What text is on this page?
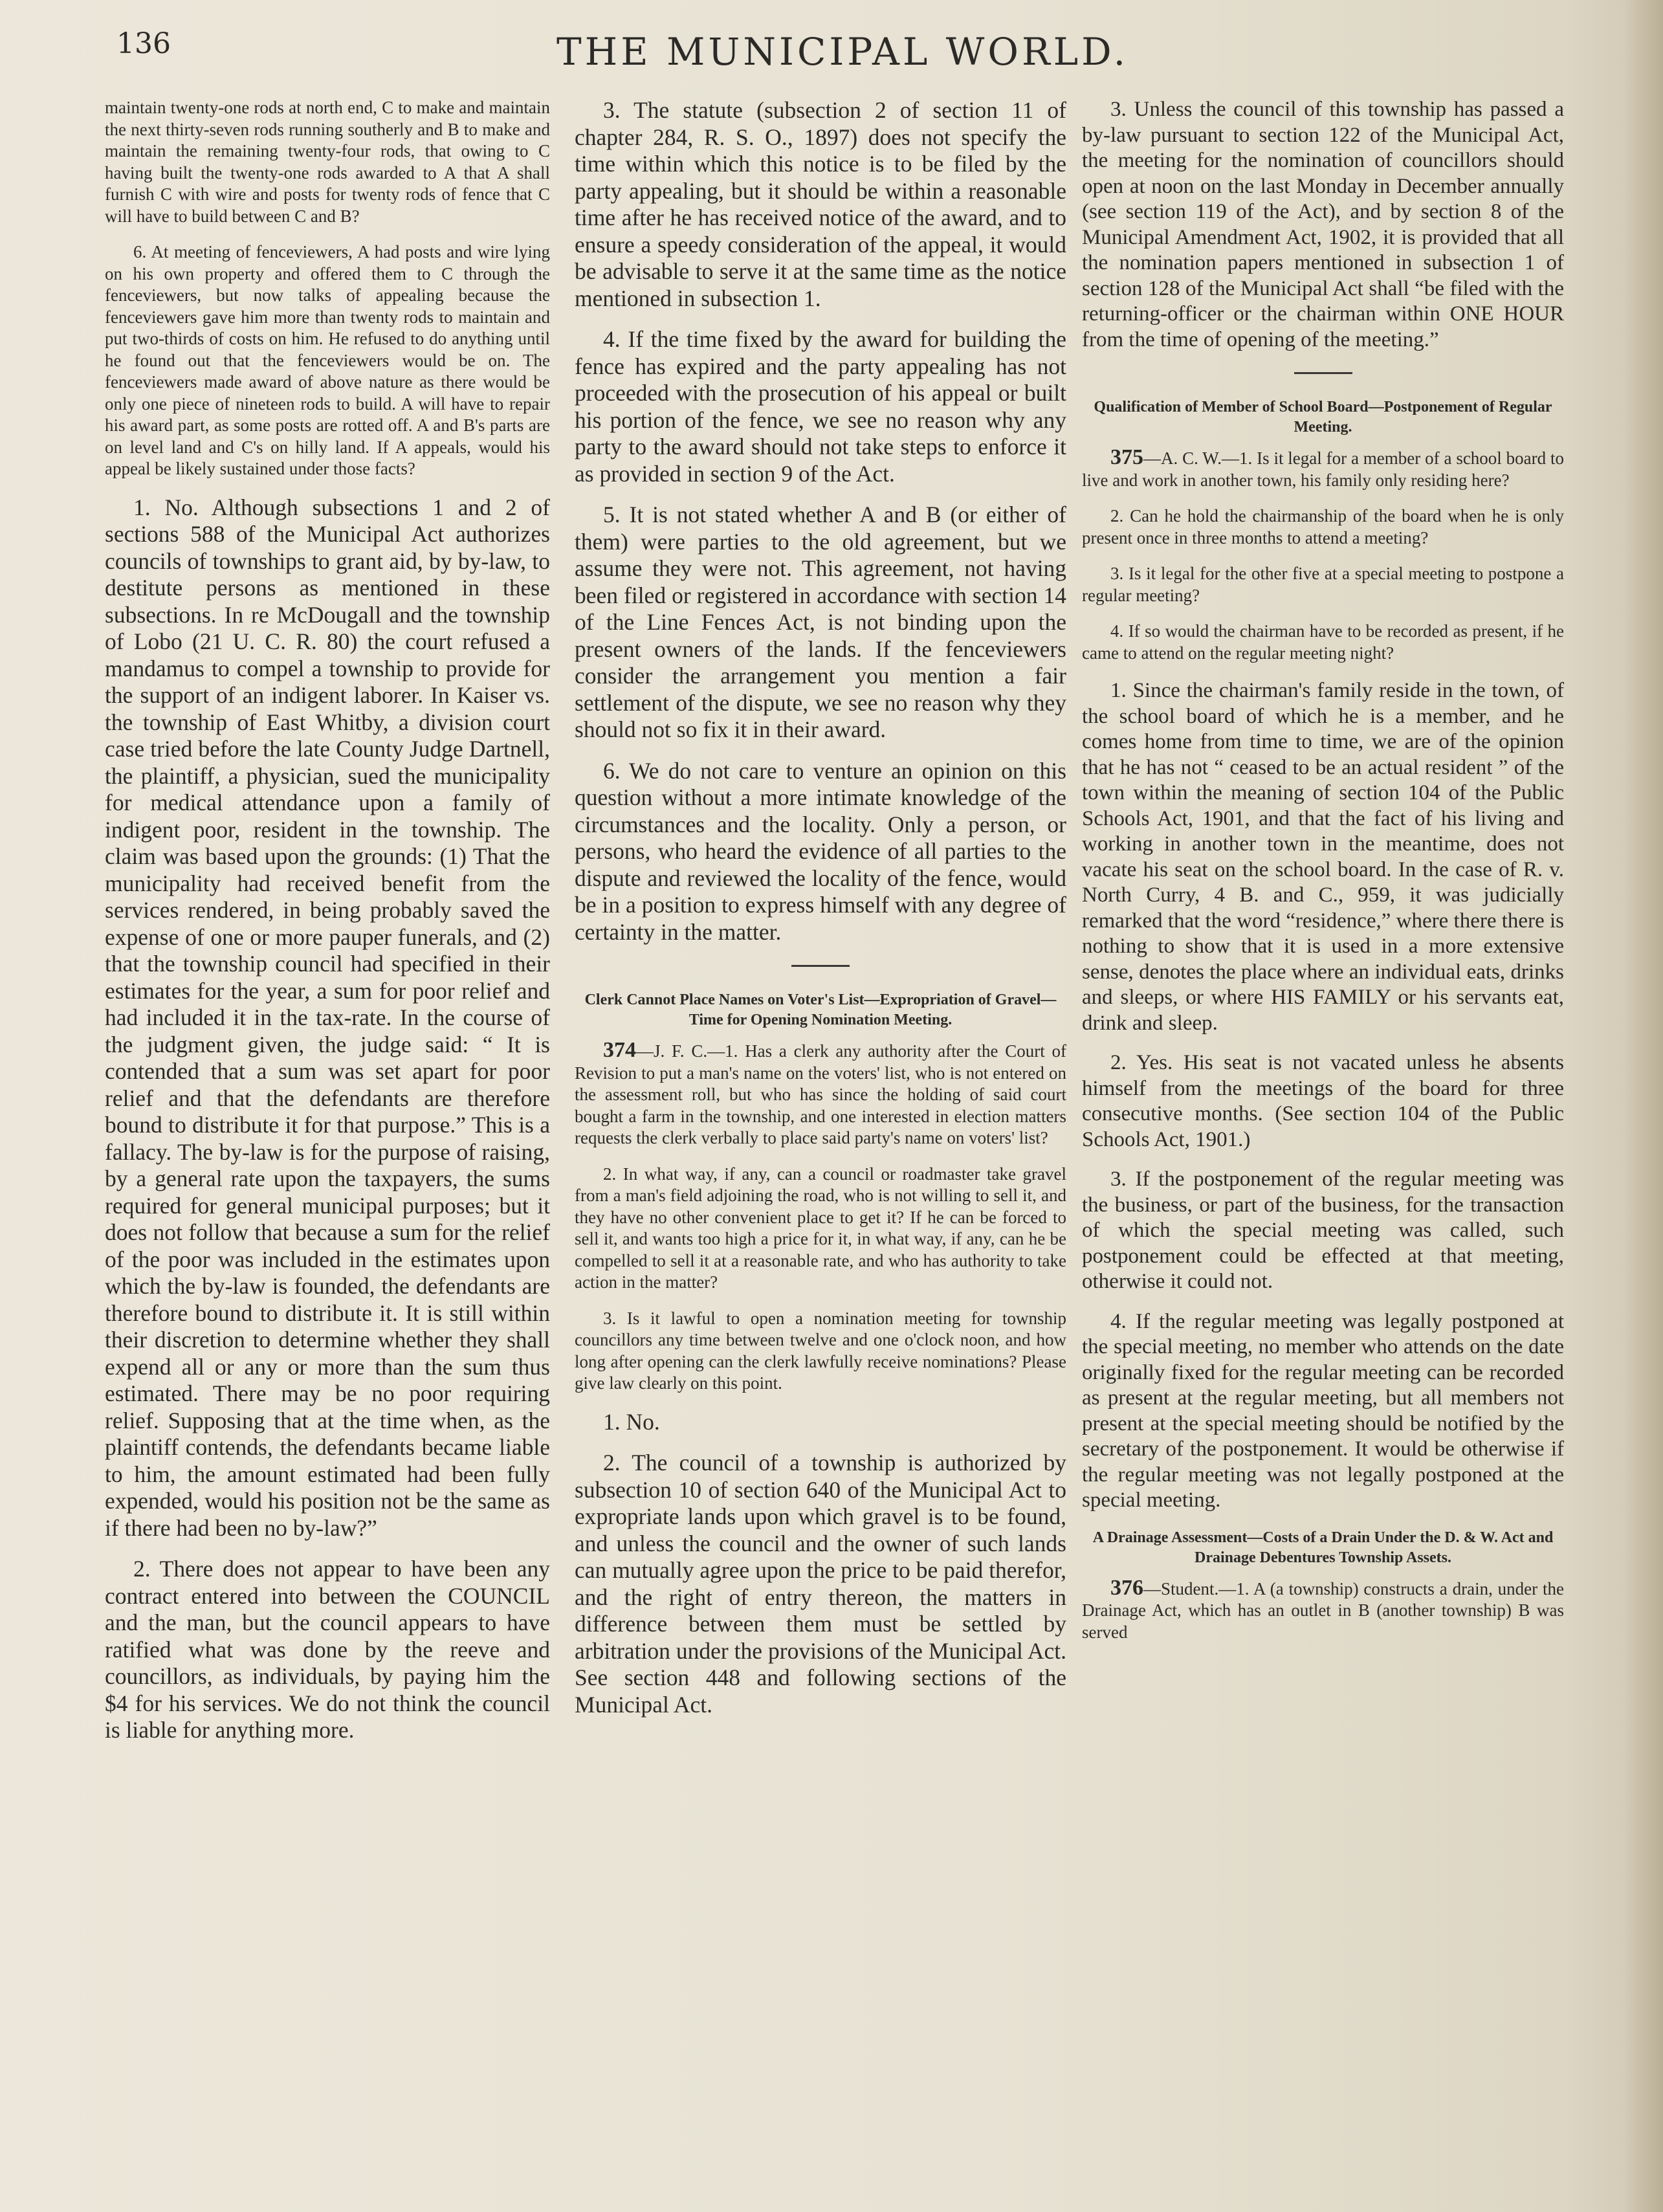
136	THE MUNICIPAL WORLD.

maintain twenty-one rods at north end, C to make and maintain the next thirty-seven rods running southerly and B to make and maintain the remaining twenty-four rods, that owing to C having built the twenty-one rods awarded to A that A shall furnish C with wire and posts for twenty rods of fence that C will have to build between C and B?

6. At meeting of fenceviewers, A had posts and wire lying on his own property and offered them to C through the fenceviewers, but now talks of appealing because the fenceviewers gave him more than twenty rods to maintain and put two-thirds of costs on him. He refused to do anything until he found out that the fenceviewers would be on. The fenceviewers made award of above nature as there would be only one piece of nineteen rods to build. A will have to repair his award part, as some posts are rotted off. A and B's parts are on level land and C's on hilly land. If A appeals, would his appeal be likely sustained under those facts?

1. No. Although subsections 1 and 2 of sections 588 of the Municipal Act authorizes councils of townships to grant aid, by by-law, to destitute persons as mentioned in these subsections. In re McDougall and the township of Lobo (21 U. C. R. 80) the court refused a mandamus to compel a township to provide for the support of an indigent laborer. In Kaiser vs. the township of East Whitby, a division court case tried before the late County Judge Dartnell, the plaintiff, a physician, sued the municipality for medical attendance upon a family of indigent poor, resident in the township. The claim was based upon the grounds: (1) That the municipality had received benefit from the services rendered, in being probably saved the expense of one or more pauper funerals, and (2) that the township council had specified in their estimates for the year, a sum for poor relief and had included it in the tax-rate. In the course of the judgment given, the judge said: “ It is contended that a sum was set apart for poor relief and that the defendants are therefore bound to distribute it for that purpose.” This is a fallacy. The by-law is for the purpose of raising, by a general rate upon the taxpayers, the sums required for general municipal purposes; but it does not follow that because a sum for the relief of the poor was included in the estimates upon which the by-law is founded, the defendants are therefore bound to distribute it. It is still within their discretion to determine whether they shall expend all or any or more than the sum thus estimated. There may be no poor requiring relief. Supposing that at the time when, as the plaintiff contends, the defendants became liable to him, the amount estimated had been fully expended, would his position not be the same as if there had been no by-law?”

2. There does not appear to have been any contract entered into between the COUNCIL and the man, but the council appears to have ratified what was done by the reeve and councillors, as individuals, by paying him the $4 for his services. We do not think the council is liable for anything more.

3. The statute (subsection 2 of section 11 of chapter 284, R. S. O., 1897) does not specify the time within which this notice is to be filed by the party appealing, but it should be within a reasonable time after he has received notice of the award, and to ensure a speedy consideration of the appeal, it would be advisable to serve it at the same time as the notice mentioned in subsection 1.

4. If the time fixed by the award for building the fence has expired and the party appealing has not proceeded with the prosecution of his appeal or built his portion of the fence, we see no reason why any party to the award should not take steps to enforce it as provided in section 9 of the Act.

5. It is not stated whether A and B (or either of them) were parties to the old agreement, but we assume they were not. This agreement, not having been filed or registered in accordance with section 14 of the Line Fences Act, is not binding upon the present owners of the lands. If the fenceviewers consider the arrangement you mention a fair settlement of the dispute, we see no reason why they should not so fix it in their award.

6. We do not care to venture an opinion on this question without a more intimate knowledge of the circumstances and the locality. Only a person, or persons, who heard the evidence of all parties to the dispute and reviewed the locality of the fence, would be in a position to express himself with any degree of certainty in the matter.

Clerk Cannot Place Names on Voter's List—Expropriation of Gravel—Time for Opening Nomination Meeting.

374—J. F. C.—1. Has a clerk any authority after the Court of Revision to put a man's name on the voters' list, who is not entered on the assessment roll, but who has since the holding of said court bought a farm in the township, and one interested in election matters requests the clerk verbally to place said party's name on voters' list?

2. In what way, if any, can a council or roadmaster take gravel from a man's field adjoining the road, who is not willing to sell it, and they have no other convenient place to get it? If he can be forced to sell it, and wants too high a price for it, in what way, if any, can he be compelled to sell it at a reasonable rate, and who has authority to take action in the matter?

3. Is it lawful to open a nomination meeting for township councillors any time between twelve and one o'clock noon, and how long after opening can the clerk lawfully receive nominations? Please give law clearly on this point.

1. No.

2. The council of a township is authorized by subsection 10 of section 640 of the Municipal Act to expropriate lands upon which gravel is to be found, and unless the council and the owner of such lands can mutually agree upon the price to be paid therefor, and the right of entry thereon, the matters in difference between them must be settled by arbitration under the provisions of the Municipal Act. See section 448 and following sections of the Municipal Act.

3. Unless the council of this township has passed a by-law pursuant to section 122 of the Municipal Act, the meeting for the nomination of councillors should open at noon on the last Monday in December annually (see section 119 of the Act), and by section 8 of the Municipal Amendment Act, 1902, it is provided that all the nomination papers mentioned in subsection 1 of section 128 of the Municipal Act shall “be filed with the returning-officer or the chairman within ONE HOUR from the time of opening of the meeting.”

Qualification of Member of School Board—Postponement of Regular Meeting.

375—A. C. W.—1. Is it legal for a member of a school board to live and work in another town, his family only residing here?

2. Can he hold the chairmanship of the board when he is only present once in three months to attend a meeting?

3. Is it legal for the other five at a special meeting to postpone a regular meeting?

4. If so would the chairman have to be recorded as present, if he came to attend on the regular meeting night?

1. Since the chairman's family reside in the town, of the school board of which he is a member, and he comes home from time to time, we are of the opinion that he has not “ ceased to be an actual resident ” of the town within the meaning of section 104 of the Public Schools Act, 1901, and that the fact of his living and working in another town in the meantime, does not vacate his seat on the school board. In the case of R. v. North Curry, 4 B. and C., 959, it was judicially remarked that the word “residence,” where there there is nothing to show that it is used in a more extensive sense, denotes the place where an individual eats, drinks and sleeps, or where HIS FAMILY or his servants eat, drink and sleep.

2. Yes. His seat is not vacated unless he absents himself from the meetings of the board for three consecutive months. (See section 104 of the Public Schools Act, 1901.)

3. If the postponement of the regular meeting was the business, or part of the business, for the transaction of which the special meeting was called, such postponement could be effected at that meeting, otherwise it could not.

4. If the regular meeting was legally postponed at the special meeting, no member who attends on the date originally fixed for the regular meeting can be recorded as present at the regular meeting, but all members not present at the special meeting should be notified by the secretary of the postponement. It would be otherwise if the regular meeting was not legally postponed at the special meeting.

A Drainage Assessment—Costs of a Drain Under the D. & W. Act and Drainage Debentures Township Assets.

376—Student.—1. A (a township) constructs a drain, under the Drainage Act, which has an outlet in B (another township) B was served
